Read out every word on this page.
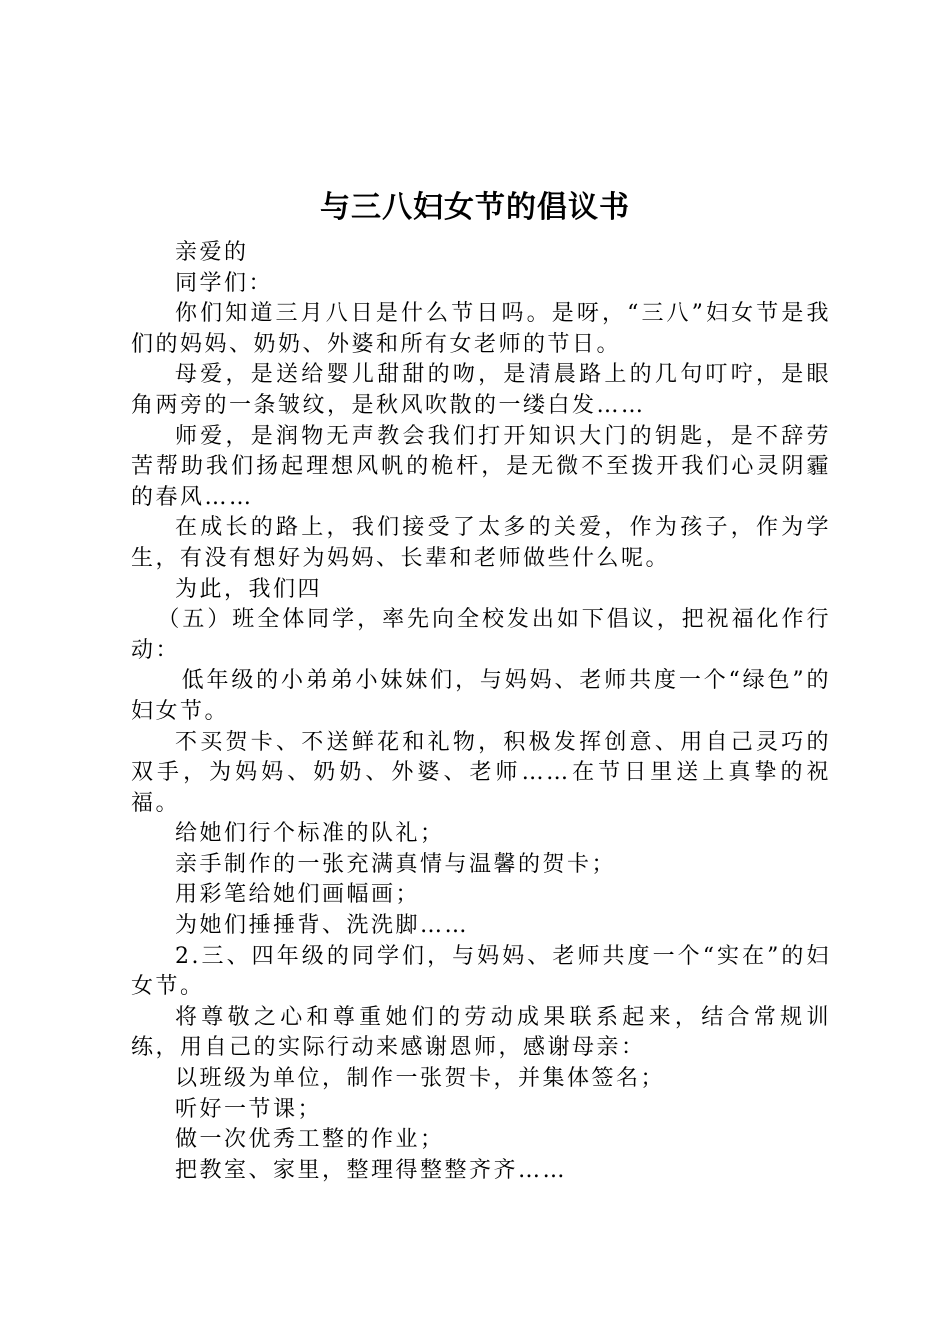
与三八妇女节的倡议书

亲爱的

同学们：

你们知道三月八日是什么节日吗。是呀，“三八”妇女节是我们的妈妈、奶奶、外婆和所有女老师的节日。

母爱，是送给婴儿甜甜的吻，是清晨路上的几句叮咛，是眼角两旁的一条皱纹，是秋风吹散的一缕白发……

师爱，是润物无声教会我们打开知识大门的钥匙，是不辞劳苦帮助我们扬起理想风帆的桅杆，是无微不至拨开我们心灵阴霾的春风……

在成长的路上，我们接受了太多的关爱，作为孩子，作为学生，有没有想好为妈妈、长辈和老师做些什么呢。

为此，我们四

（五）班全体同学，率先向全校发出如下倡议，把祝福化作行动：

低年级的小弟弟小妹妹们，与妈妈、老师共度一个“绿色”的妇女节。

不买贺卡、不送鲜花和礼物，积极发挥创意、用自己灵巧的双手，为妈妈、奶奶、外婆、老师……在节日里送上真挚的祝福。

给她们行个标准的队礼；

亲手制作的一张充满真情与温馨的贺卡；

用彩笔给她们画幅画；

为她们捶捶背、洗洗脚……

2.三、四年级的同学们，与妈妈、老师共度一个“实在”的妇女节。

将尊敬之心和尊重她们的劳动成果联系起来，结合常规训练，用自己的实际行动来感谢恩师，感谢母亲：

以班级为单位，制作一张贺卡，并集体签名；

听好一节课；

做一次优秀工整的作业；

把教室、家里，整理得整整齐齐……
